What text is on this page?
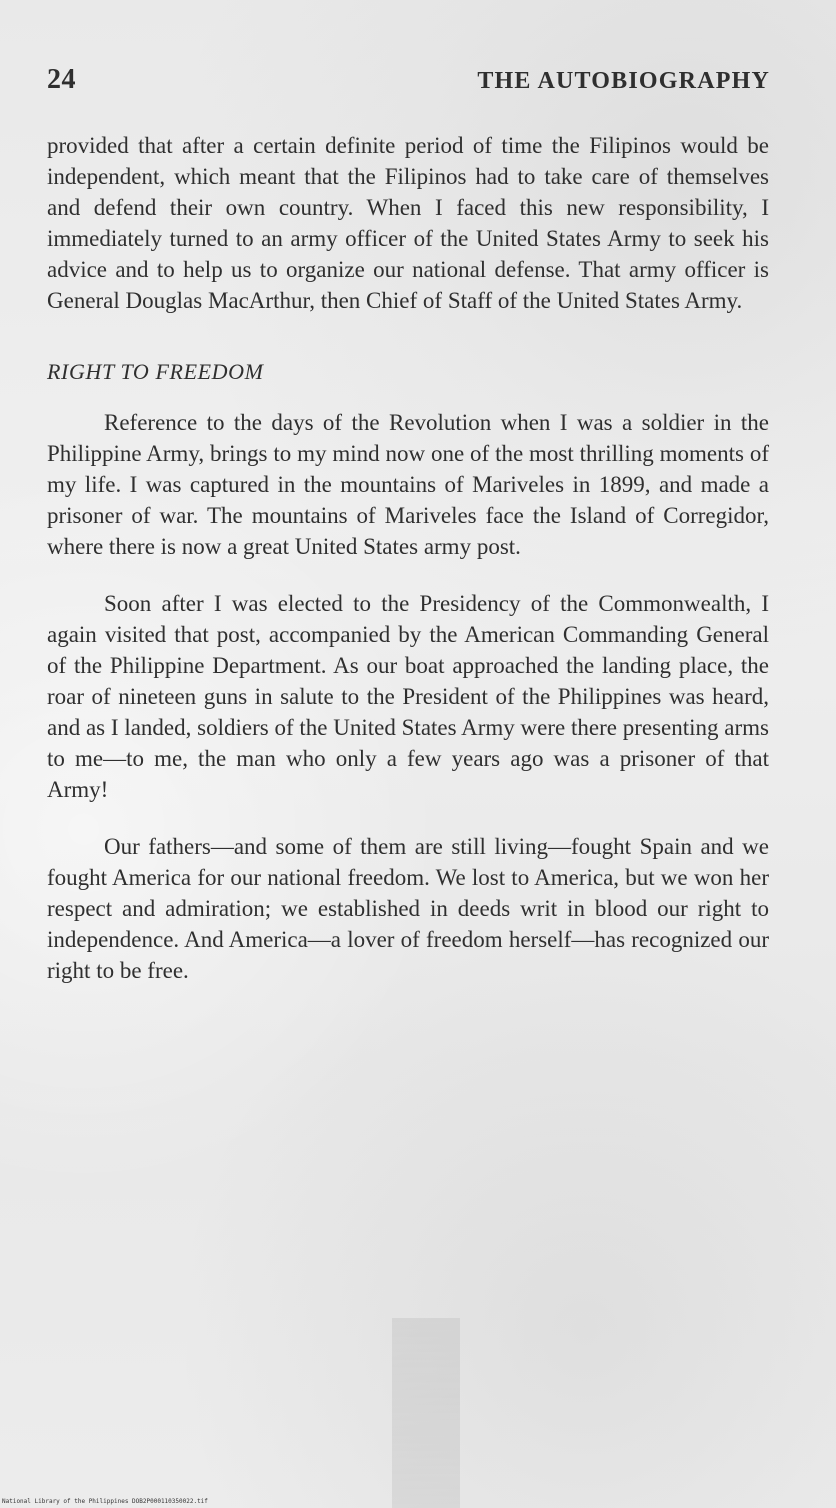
24	THE AUTOBIOGRAPHY

provided that after a certain definite period of time the Filipinos would be independent, which meant that the Filipinos had to take care of themselves and defend their own country. When I faced this new responsibility, I immediately turned to an army officer of the United States Army to seek his advice and to help us to organize our national defense. That army officer is General Douglas MacArthur, then Chief of Staff of the United States Army.

RIGHT TO FREEDOM

Reference to the days of the Revolution when I was a soldier in the Philippine Army, brings to my mind now one of the most thrilling moments of my life. I was captured in the mountains of Mariveles in 1899, and made a prisoner of war. The mountains of Mariveles face the Island of Corregidor, where there is now a great United States army post.

Soon after I was elected to the Presidency of the Commonwealth, I again visited that post, accompanied by the American Commanding General of the Philippine Department. As our boat approached the landing place, the roar of nineteen guns in salute to the President of the Philippines was heard, and as I landed, soldiers of the United States Army were there presenting arms to me—to me, the man who only a few years ago was a prisoner of that Army!

Our fathers—and some of them are still living—fought Spain and we fought America for our national freedom. We lost to America, but we won her respect and admiration; we established in deeds writ in blood our right to independence. And America—a lover of freedom herself—has recognized our right to be free.

National Library of the Philippines DOB2P000110350022.tif
